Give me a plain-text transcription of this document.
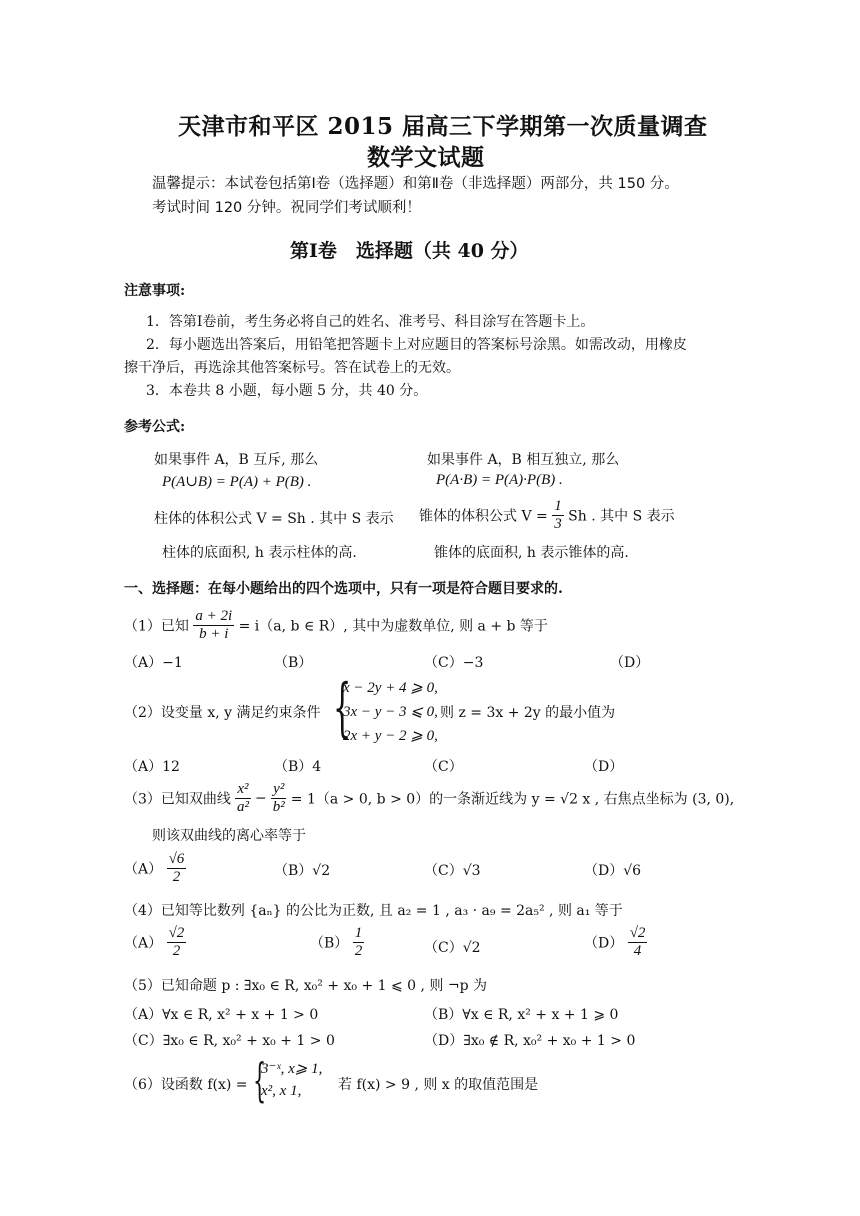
天津市和平区 2015 届高三下学期第一次质量调查
数学文试题
温馨提示：本试卷包括第Ⅰ卷（选择题）和第Ⅱ卷（非选择题）两部分，共 150 分。
考试时间 120 分钟。祝同学们考试顺利！
第Ⅰ卷　选择题（共 40 分）
注意事项:
1．答第Ⅰ卷前，考生务必将自己的姓名、准考号、科目涂写在答题卡上。
2．每小题选出答案后，用铅笔把答题卡上对应题目的答案标号涂黑。如需改动，用橡皮
擦干净后，再选涂其他答案标号。答在试卷上的无效。
3．本卷共 8 小题，每小题 5 分，共 40 分。
参考公式:
如果事件 A，B 互斥, 那么
P(A∪B) = P(A) + P(B) .
如果事件 A，B 相互独立, 那么
P(A·B) = P(A)·P(B) .
柱体的体积公式 V = Sh . 其中 S 表示 锥体的体积公式 $V = \frac{1}{3}$ Sh . 其中 S 表示
柱体的底面积, h 表示柱体的高.	锥体的底面积, h 表示锥体的高.
一、选择题：在每小题给出的四个选项中，只有一项是符合题目要求的.
（1）已知 $\frac{a + 2i}{b + i} = i(a$, b ∈ R）, 其中为虚数单位, 则 a + b 等于
（A）−1	（B）	（C）−3	（D）
（2）设变量 x, y 满足约束条件 {
x − 2y + 4 ⩾ 0,
3x − y − 3 ⩽ 0,
2x + y − 2 ⩾ 0,
则 z = 3x + 2y 的最小值为
（A）12	（B）4	（C）	（D）
（3）已知双曲线 $\frac{\text{x²}}{\text{a²}} - \frac{\text{y²}}{\text{b²}} = 1(a > 0$, b > 0）的一条渐近线为 y = √2 x , 右焦点坐标为 (3, 0),
则该双曲线的离心率等于
$(A) \frac{√6}{2}$	（B）√2	（C）√3	（D）√6
（4）已知等比数列 {aₙ} 的公比为正数, 且 a₂ = 1 , a₃ · a₉ = 2a₅² , 则 a₁ 等于
$(A) \frac{√2}{2}$	$(B) \frac{1}{2}$	（C）√2	$(D) \frac{√2}{4}$
（5）已知命题 p : ∃x₀ ∈ R, x₀² + x₀ + 1 ⩽ 0 , 则 ¬p 为
（A）∀x ∈ R, x² + x + 1 > 0	（B）∀x ∈ R, x² + x + 1 ⩾ 0
（C）∃x₀ ∈ R, x₀² + x₀ + 1 > 0	（D）∃x₀ ∉ R, x₀² + x₀ + 1 > 0
（6）设函数 f(x) = {
3⁻ˣ, x⩾ 1,
x², x 1,	若 f(x) > 9 , 则 x 的取值范围是
